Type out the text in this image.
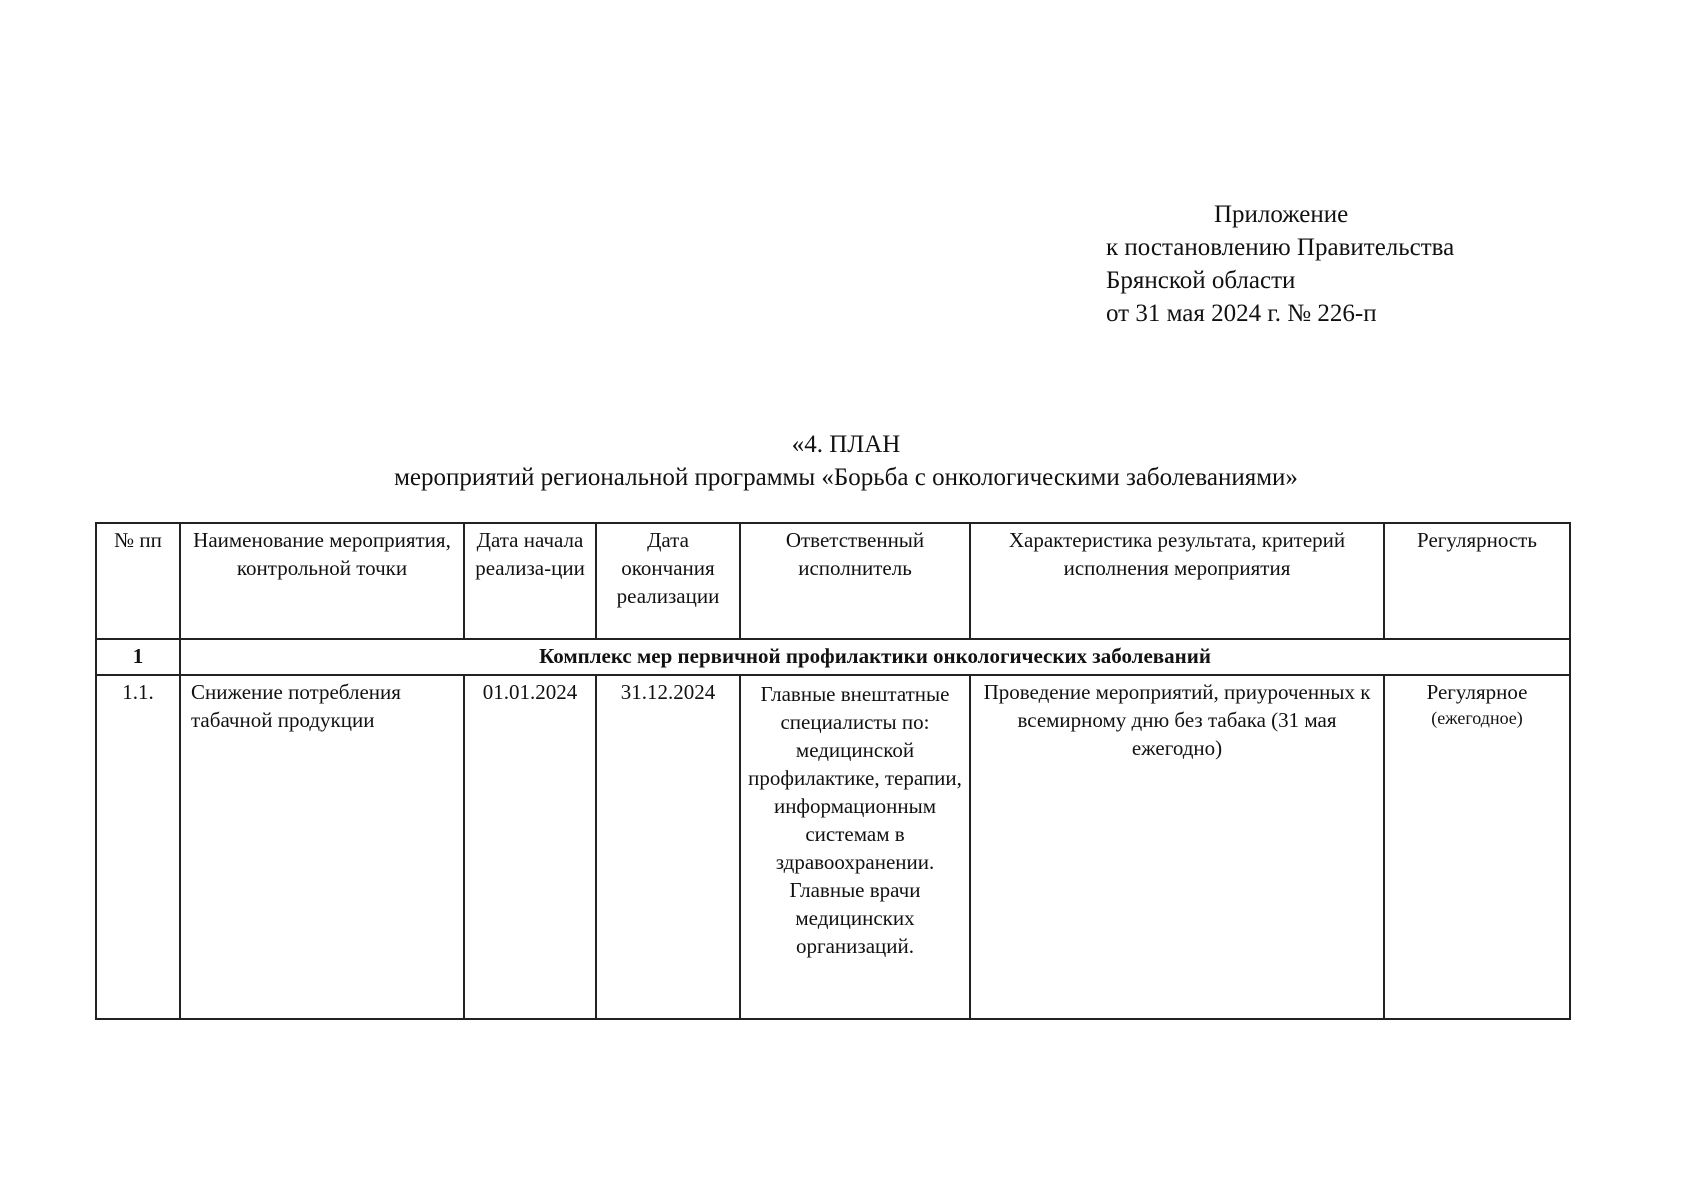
Приложение
к постановлению Правительства
Брянской области
от 31 мая 2024 г. № 226-п
«4. ПЛАН
мероприятий региональной программы «Борьба с онкологическими заболеваниями»
№ пп	Наименование мероприятия, контрольной точки	Дата начала реализа-ции	Дата окончания реализации	Ответственный исполнитель	Характеристика результата, критерий исполнения мероприятия	Регулярность
1	Комплекс мер первичной профилактики онкологических заболеваний					
1.1.	Снижение потребления табачной продукции	01.01.2024	31.12.2024	Главные внештатные специалисты по: медицинской профилактике, терапии, информационным системам в здравоохранении. Главные врачи медицинских организаций.	Проведение мероприятий, приуроченных к всемирному дню без табака (31 мая ежегодно)	Регулярное
(ежегодное)
